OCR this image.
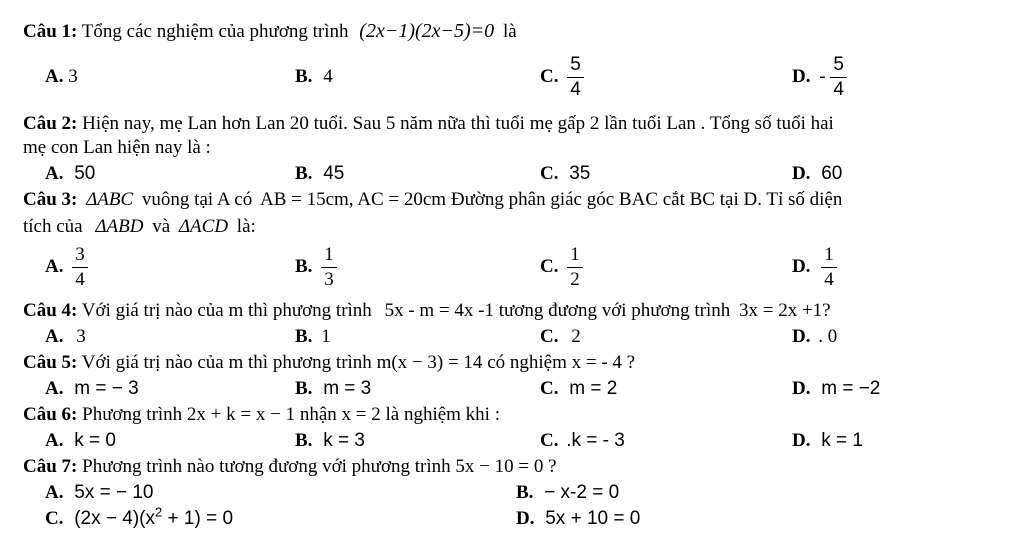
Câu 1: Tổng các nghiệm của phương trình (2x−1)(2x−5)=0 là
A. 3	B. 4	C. $\frac{5}{4}$	D. - $\frac{5}{4}$
Câu 2: Hiện nay, mẹ Lan hơn Lan 20 tuổi. Sau 5 năm nữa thì tuổi mẹ gấp 2 lần tuổi Lan . Tổng số tuổi hai
mẹ con Lan hiện nay là :
A. 50	B. 45	C. 35	D. 60
Câu 3: ΔABC vuông tại A có AB = 15cm, AC = 20cm Đường phân giác góc BAC cắt BC tại D. Tỉ số diện
tích của ΔABD và ΔACD là:
A. $\frac{3}{4}$	B. $\frac{1}{3}$	C. $\frac{1}{2}$	D. $\frac{1}{4}$
Câu 4: Với giá trị nào của m thì phương trình 5x - m = 4x -1 tương đương với phương trình 3x = 2x +1?
A. 3	B. 1	C. 2	D. . 0
Câu 5: Với giá trị nào của m thì phương trình m(x − 3) = 14 có nghiệm x = - 4 ?
A. m = − 3	B. m = 3	C. m = 2	D. m = −2
Câu 6: Phương trình 2x + k = x − 1 nhận x = 2 là nghiệm khi :
A. k = 0	B. k = 3	C. .k = - 3	D. k = 1
Câu 7: Phương trình nào tương đương với phương trình 5x − 10 = 0 ?
A. 5x = − 10	B. − x-2 = 0
C. $(2x - 4)(x^2 + 1) = 0$	D. 5x + 10 = 0
